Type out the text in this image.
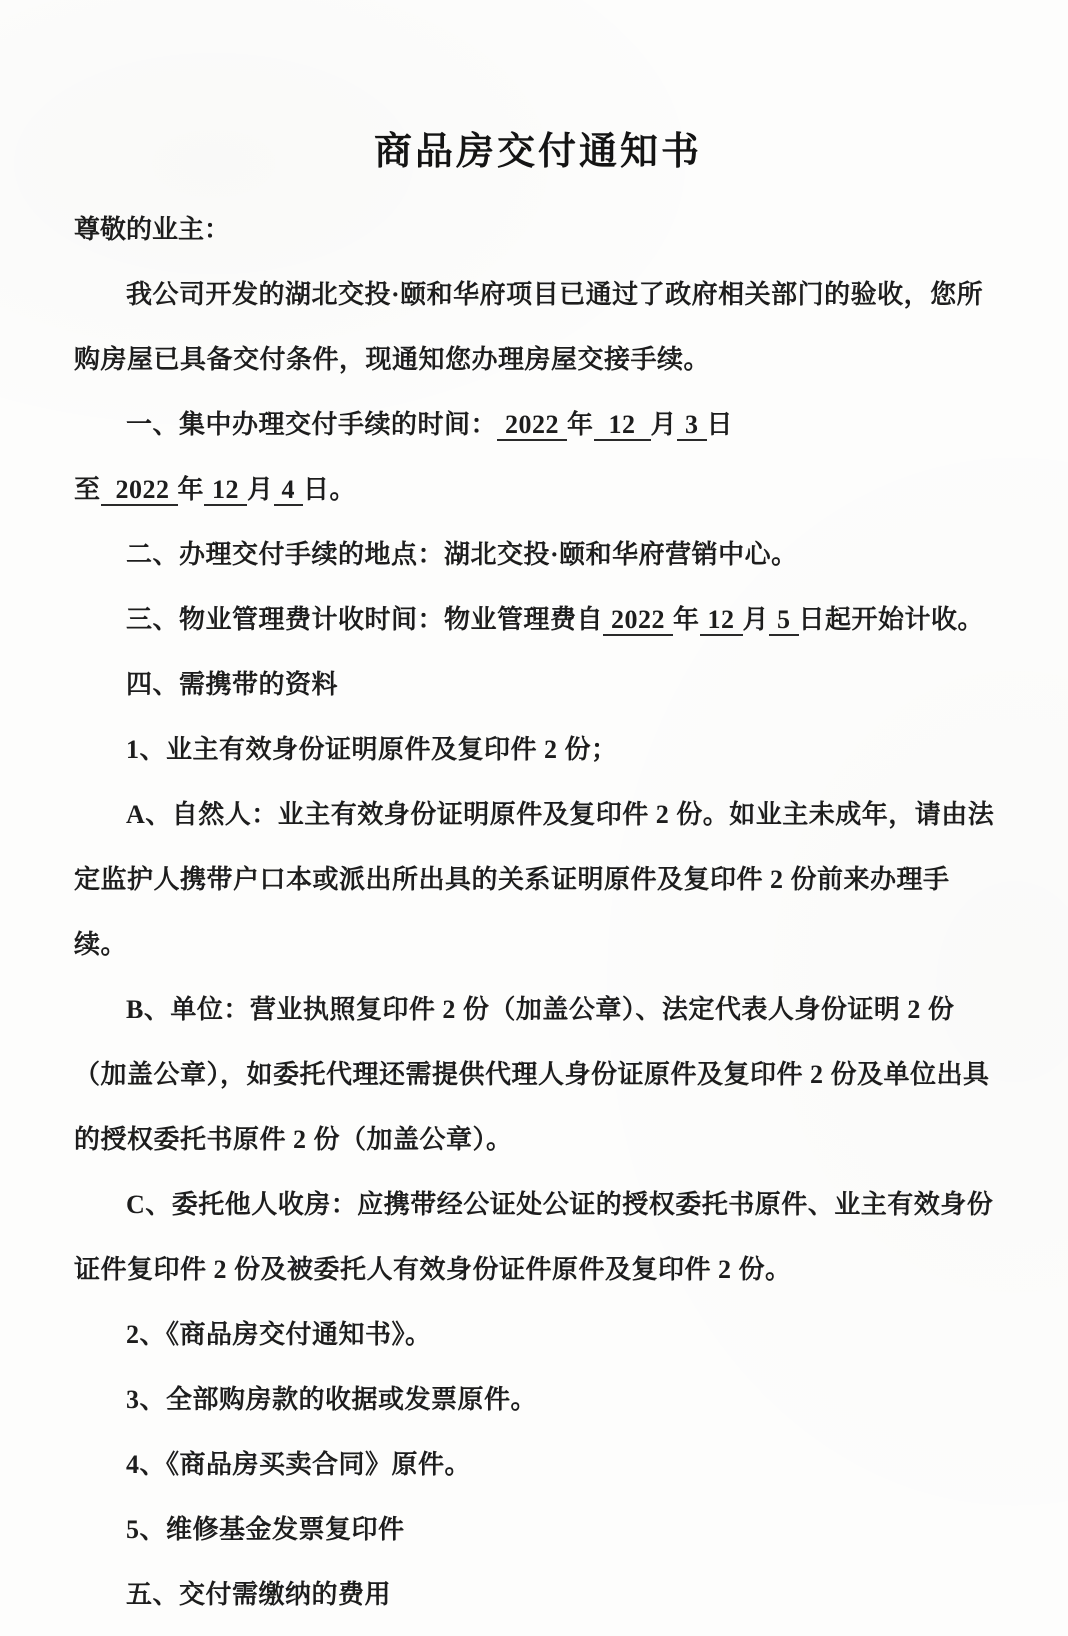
商品房交付通知书

尊敬的业主：

我公司开发的湖北交投·颐和华府项目已通过了政府相关部门的验收，您所购房屋已具备交付条件，现通知您办理房屋交接手续。

一、集中办理交付手续的时间： 2022 年  12  月 3 日至  2022 年 12 月 4 日。

二、办理交付手续的地点：湖北交投·颐和华府营销中心。

三、物业管理费计收时间：物业管理费自 2022 年 12 月 5 日起开始计收。

四、需携带的资料

1、业主有效身份证明原件及复印件 2 份；

A、自然人：业主有效身份证明原件及复印件 2 份。如业主未成年，请由法定监护人携带户口本或派出所出具的关系证明原件及复印件 2 份前来办理手续。

B、单位：营业执照复印件 2 份（加盖公章）、法定代表人身份证明 2 份（加盖公章），如委托代理还需提供代理人身份证原件及复印件 2 份及单位出具的授权委托书原件 2 份（加盖公章）。

C、委托他人收房：应携带经公证处公证的授权委托书原件、业主有效身份证件复印件 2 份及被委托人有效身份证件原件及复印件 2 份。

2、《商品房交付通知书》。

3、全部购房款的收据或发票原件。

4、《商品房买卖合同》原件。

5、维修基金发票复印件

五、交付需缴纳的费用
